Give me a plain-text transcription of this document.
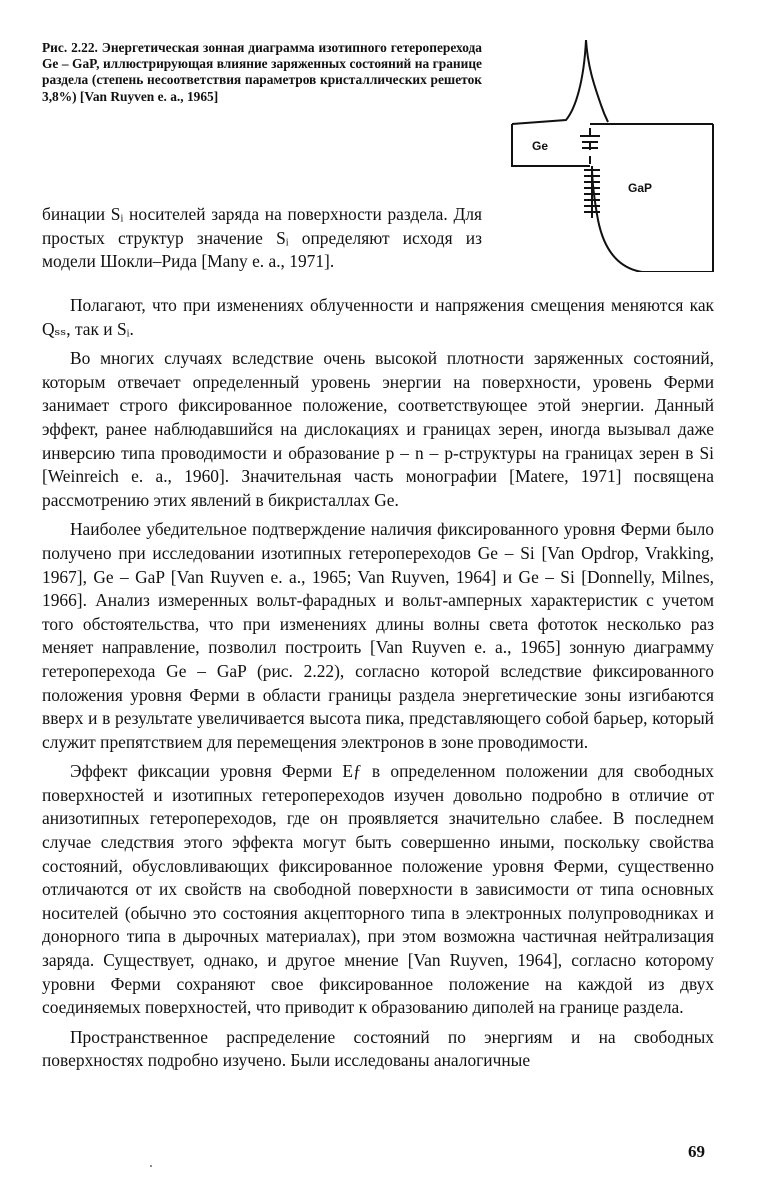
Рис. 2.22. Энергетическая зонная диаграмма изотипного гетероперехода Ge – GaP, иллюстрирующая влияние заряженных состояний на границе раздела (степень несоответствия параметров кристаллических решеток 3,8%) [Van Ruyven e. a., 1965]
Ge
GaP
бинации Sᵢ носителей заряда на поверхности раздела. Для простых структур значение Sᵢ определяют исходя из модели Шокли–Рида [Many e. a., 1971].

Полагают, что при изменениях облученности и напряжения смещения меняются как Qₛₛ, так и Sᵢ.

Во многих случаях вследствие очень высокой плотности заряженных состояний, которым отвечает определенный уровень энергии на поверхности, уровень Ферми занимает строго фиксированное положение, соответствующее этой энергии. Данный эффект, ранее наблюдавшийся на дислокациях и границах зерен, иногда вызывал даже инверсию типа проводимости и образование p – n – p-структуры на границах зерен в Si [Weinreich e. a., 1960]. Значительная часть монографии [Matere, 1971] посвящена рассмотрению этих явлений в бикристаллах Ge.

Наиболее убедительное подтверждение наличия фиксированного уровня Ферми было получено при исследовании изотипных гетеропереходов Ge – Si [Van Opdrop, Vrakking, 1967], Ge – GaP [Van Ruyven e. a., 1965; Van Ruyven, 1964] и Ge – Si [Donnelly, Milnes, 1966]. Анализ измеренных вольт-фарадных и вольт-амперных характеристик с учетом того обстоятельства, что при изменениях длины волны света фототок несколько раз меняет направление, позволил построить [Van Ruyven e. a., 1965] зонную диаграмму гетероперехода Ge – GaP (рис. 2.22), согласно которой вследствие фиксированного положения уровня Ферми в области границы раздела энергетические зоны изгибаются вверх и в результате увеличивается высота пика, представляющего собой барьер, который служит препятствием для перемещения электронов в зоне проводимости.

Эффект фиксации уровня Ферми Eƒ в определенном положении для свободных поверхностей и изотипных гетеропереходов изучен довольно подробно в отличие от анизотипных гетеропереходов, где он проявляется значительно слабее. В последнем случае следствия этого эффекта могут быть совершенно иными, поскольку свойства состояний, обусловливающих фиксированное положение уровня Ферми, существенно отличаются от их свойств на свободной поверхности в зависимости от типа основных носителей (обычно это состояния акцепторного типа в электронных полупроводниках и донорного типа в дырочных материалах), при этом возможна частичная нейтрализация заряда. Существует, однако, и другое мнение [Van Ruyven, 1964], согласно которому уровни Ферми сохраняют свое фиксированное положение на каждой из двух соединяемых поверхностей, что приводит к образованию диполей на границе раздела.

Пространственное распределение состояний по энергиям и на свободных поверхностях подробно изучено. Были исследованы аналогичные

69
